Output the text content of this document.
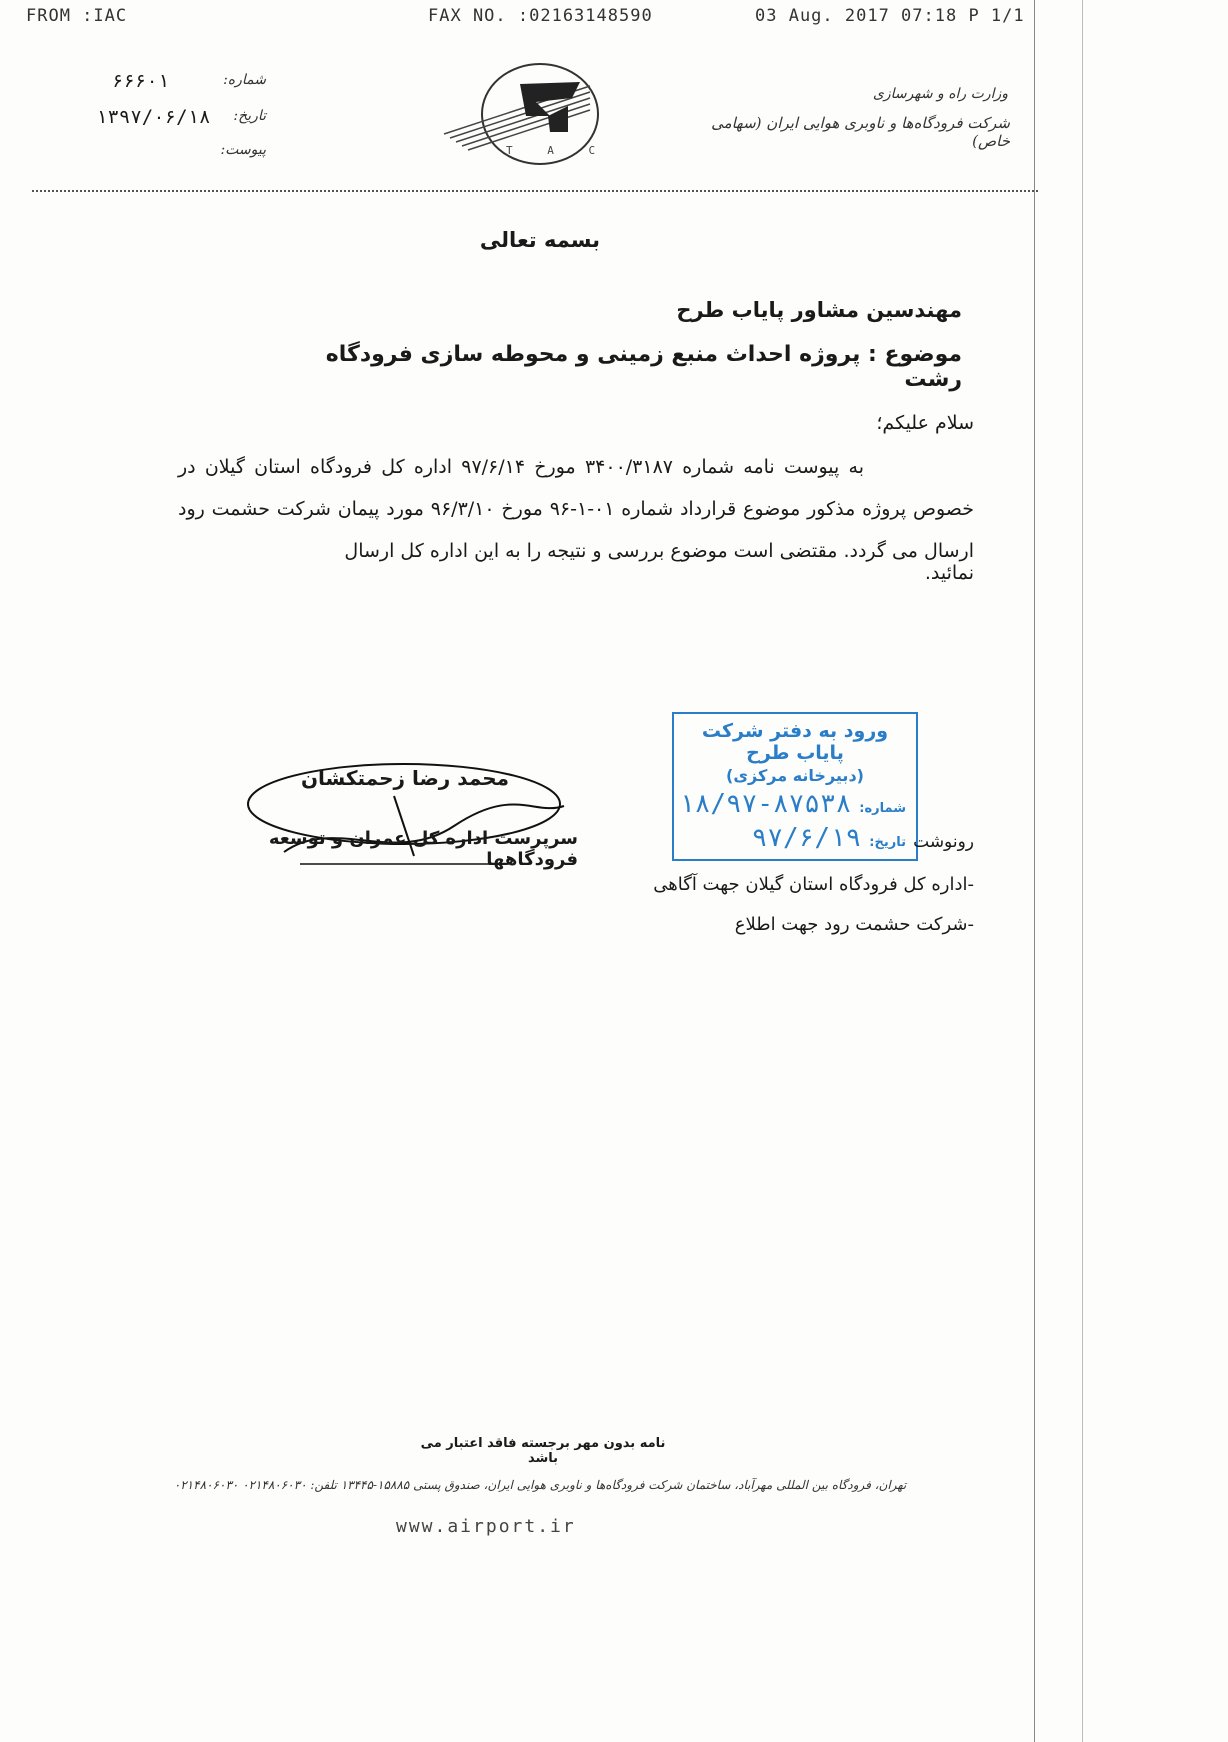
FROM :IAC	FAX NO. :02163148590	03 Aug. 2017 07:18 P 1/1
شماره:
۶۶۶۰۱
تاریخ:
۱۳۹۷/۰۶/۱۸
پیوست:	T A C
وزارت راه و شهرسازی
شرکت فرودگاه‌ها و ناوبری هوایی ایران (سهامی خاص)
بسمه تعالی
مهندسین مشاور پایاب طرح
موضوع : پروژه احداث منبع زمینی و محوطه سازی فرودگاه رشت
سلام علیکم؛
به پیوست نامه شماره ۳۴۰۰/۳۱۸۷ مورخ ۹۷/۶/۱۴ اداره کل فرودگاه استان گیلان در
خصوص پروژه مذکور موضوع قرارداد شماره ۰۱-۱-۹۶ مورخ ۹۶/۳/۱۰ مورد پیمان شرکت حشمت رود
ارسال می گردد. مقتضی است موضوع بررسی و نتیجه را به این اداره کل ارسال نمائید.
ورود به دفتر شرکت پایاب طرح
(دبیرخانه مرکزی)
شماره:
۱۸/۹۷-۸۷۵۳۸
تاریخ:
۹۷/۶/۱۹
محمد رضا زحمتکشان
سرپرست اداره کل عمران و توسعه فرودگاهها
رونوشت
-اداره کل فرودگاه استان گیلان جهت آگاهی
-شرکت حشمت رود جهت اطلاع
نامه بدون مهر برجسته فاقد اعتبار می باشد
تهران، فرودگاه بین المللی مهرآباد، ساختمان شرکت فرودگاه‌ها و ناوبری هوایی ایران، صندوق پستی ۱۵۸۸۵-۱۳۴۴۵ تلفن: ۰۲۱۴۸۰۶۰۳۰ ۰۲۱۴۸۰۶۰۳۰
www.airport.ir
